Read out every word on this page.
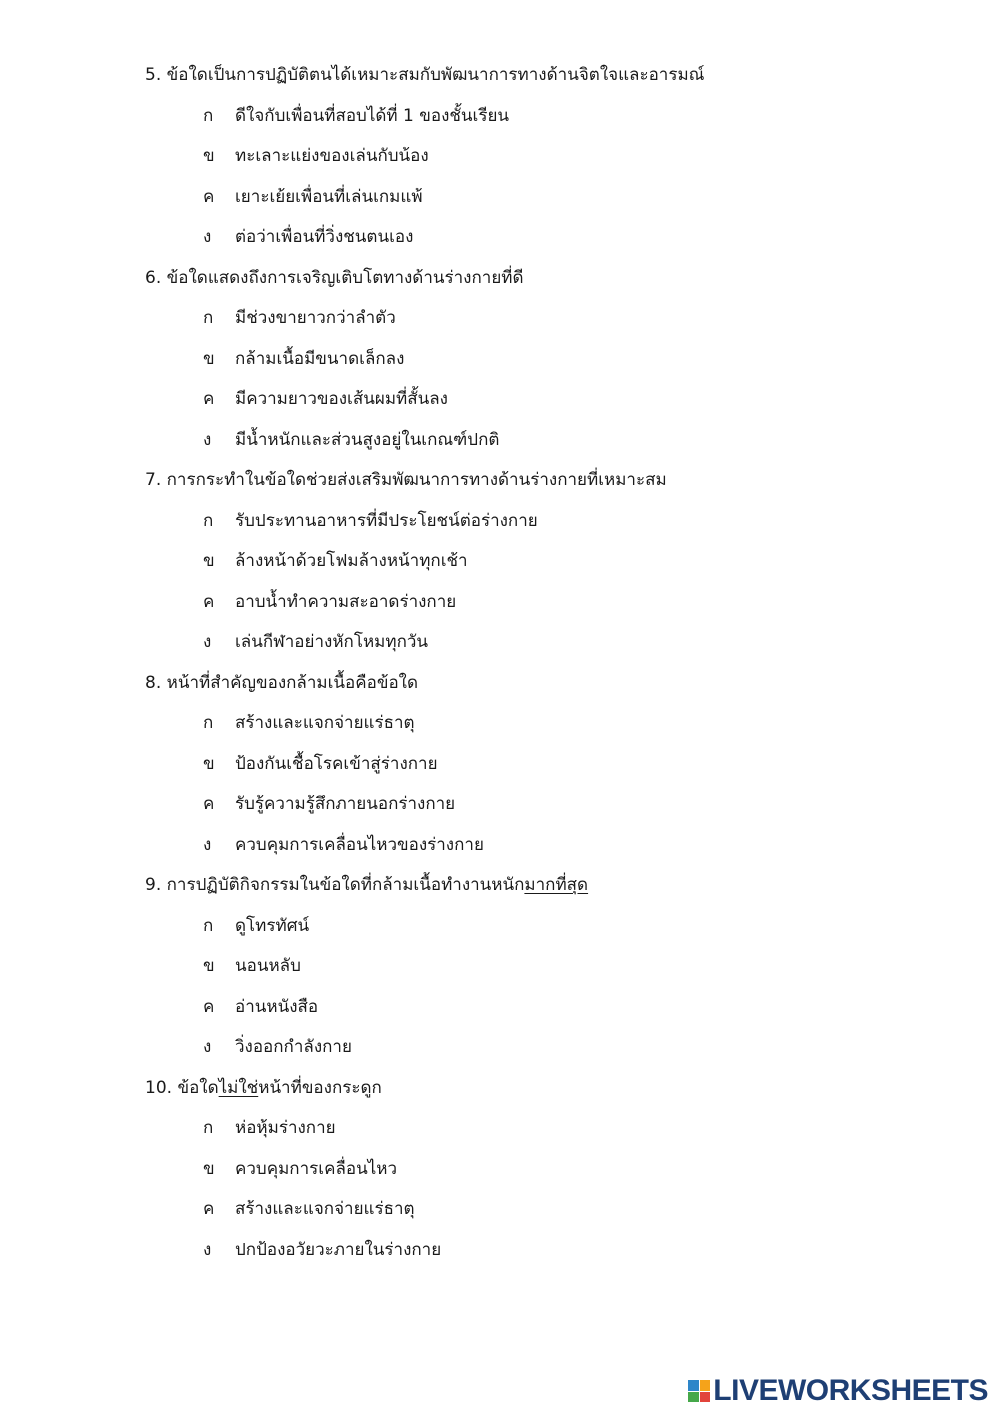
5. ข้อใดเป็นการปฏิบัติตนได้เหมาะสมกับพัฒนาการทางด้านจิตใจและอารมณ์
ก	ดีใจกับเพื่อนที่สอบได้ที่ 1 ของชั้นเรียน
ข	ทะเลาะแย่งของเล่นกับน้อง
ค	เยาะเย้ยเพื่อนที่เล่นเกมแพ้
ง	ต่อว่าเพื่อนที่วิ่งชนตนเอง
6. ข้อใดแสดงถึงการเจริญเติบโตทางด้านร่างกายที่ดี
ก	มีช่วงขายาวกว่าลำตัว
ข	กล้ามเนื้อมีขนาดเล็กลง
ค	มีความยาวของเส้นผมที่สั้นลง
ง	มีน้ำหนักและส่วนสูงอยู่ในเกณฑ์ปกติ
7. การกระทำในข้อใดช่วยส่งเสริมพัฒนาการทางด้านร่างกายที่เหมาะสม
ก	รับประทานอาหารที่มีประโยชน์ต่อร่างกาย
ข	ล้างหน้าด้วยโฟมล้างหน้าทุกเช้า
ค	อาบน้ำทำความสะอาดร่างกาย
ง	เล่นกีฬาอย่างหักโหมทุกวัน
8. หน้าที่สำคัญของกล้ามเนื้อคือข้อใด
ก	สร้างและแจกจ่ายแร่ธาตุ
ข	ป้องกันเชื้อโรคเข้าสู่ร่างกาย
ค	รับรู้ความรู้สึกภายนอกร่างกาย
ง	ควบคุมการเคลื่อนไหวของร่างกาย
9. การปฏิบัติกิจกรรมในข้อใดที่กล้ามเนื้อทำงานหนักมากที่สุด
ก	ดูโทรทัศน์
ข	นอนหลับ
ค	อ่านหนังสือ
ง	วิ่งออกกำลังกาย
10. ข้อใดไม่ใช่หน้าที่ของกระดูก
ก	ห่อหุ้มร่างกาย
ข	ควบคุมการเคลื่อนไหว
ค	สร้างและแจกจ่ายแร่ธาตุ
ง	ปกป้องอวัยวะภายในร่างกาย
LIVEWORKSHEETS
